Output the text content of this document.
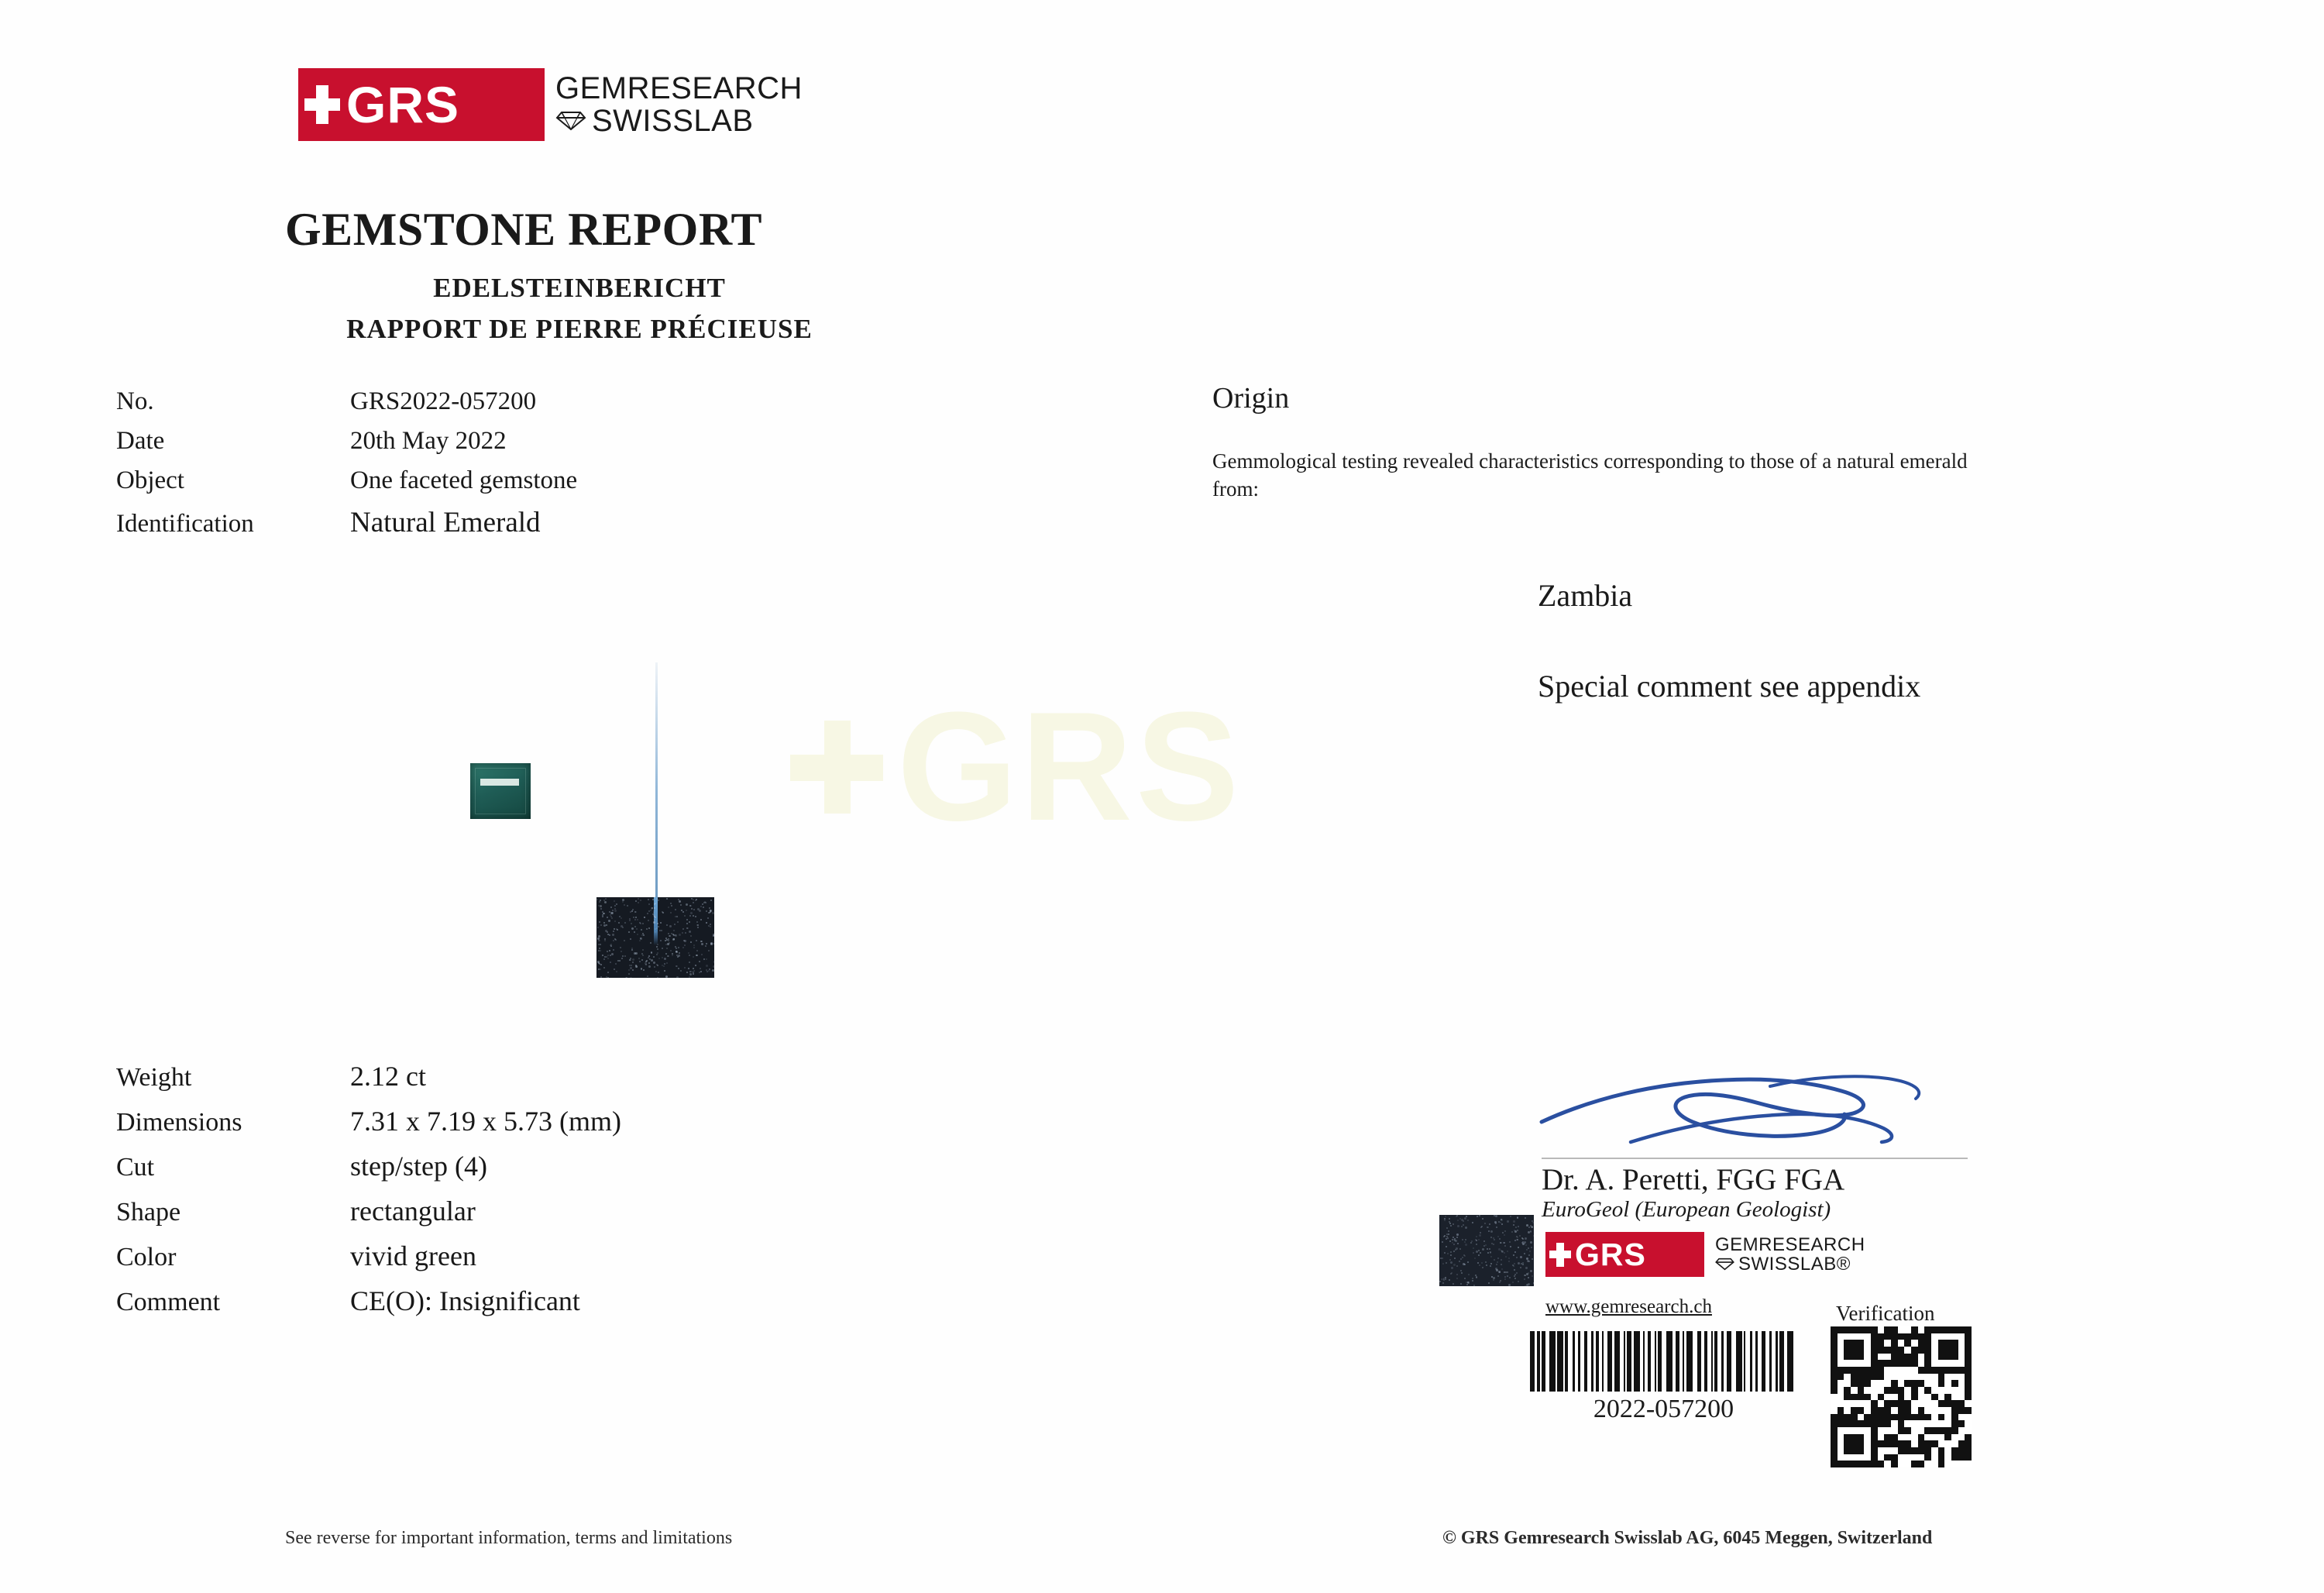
GRS
GRS	GEMRESEARCH
SWISSLAB
GEMSTONE REPORT
EDELSTEINBERICHT
RAPPORT DE PIERRE PRÉCIEUSE
No.	GRS2022-057200
Date	20th May 2022
Object	One faceted gemstone
Identification	Natural Emerald
Origin
Gemmological testing revealed characteristics corresponding to those of a natural emerald from:
Zambia
Special comment see appendix
Weight	2.12 ct
Dimensions	7.31 x 7.19 x 5.73 (mm)
Cut	step/step (4)
Shape	rectangular
Color	vivid green
Comment	CE(O): Insignificant
Dr. A. Peretti, FGG FGA
EuroGeol (European Geologist)
GRS	GEMRESEARCH
SWISSLAB®
www.gemresearch.ch	Verification
2022-057200
See reverse for important information, terms and limitations	© GRS Gemresearch Swisslab AG, 6045 Meggen, Switzerland
